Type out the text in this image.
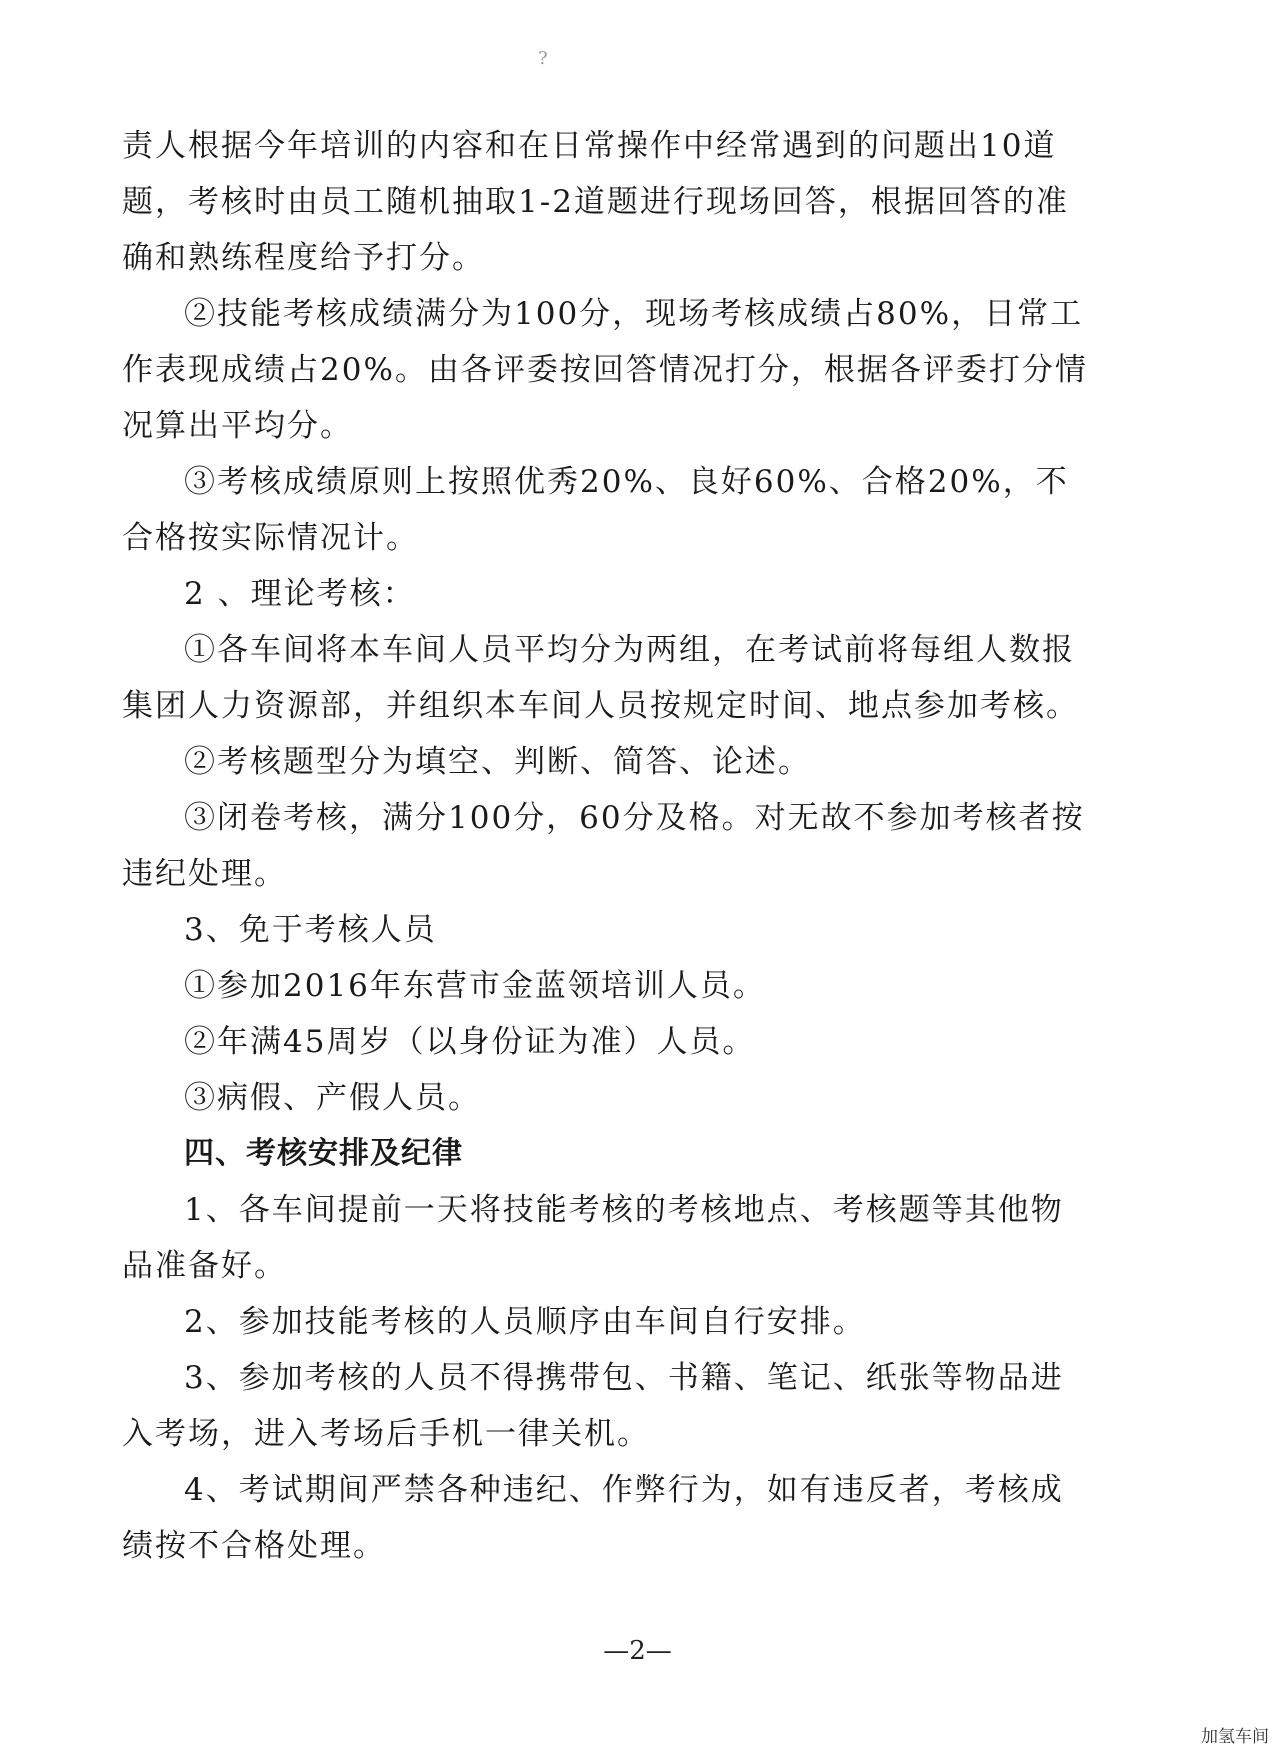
?

责人根据今年培训的内容和在日常操作中经常遇到的问题出10道题，考核时由员工随机抽取1-2道题进行现场回答，根据回答的准确和熟练程度给予打分。

②技能考核成绩满分为100分，现场考核成绩占80%，日常工作表现成绩占20%。由各评委按回答情况打分，根据各评委打分情况算出平均分。

③考核成绩原则上按照优秀20%、良好60%、合格20%，不合格按实际情况计。

2 、理论考核：

①各车间将本车间人员平均分为两组，在考试前将每组人数报集团人力资源部，并组织本车间人员按规定时间、地点参加考核。

②考核题型分为填空、判断、简答、论述。

③闭卷考核，满分100分，60分及格。对无故不参加考核者按违纪处理。

3、免于考核人员

①参加2016年东营市金蓝领培训人员。

②年满45周岁（以身份证为准）人员。

③病假、产假人员。

四、考核安排及纪律

1、各车间提前一天将技能考核的考核地点、考核题等其他物品准备好。

2、参加技能考核的人员顺序由车间自行安排。

3、参加考核的人员不得携带包、书籍、笔记、纸张等物品进入考场，进入考场后手机一律关机。

4、考试期间严禁各种违纪、作弊行为，如有违反者，考核成绩按不合格处理。

—2—
加氢车间
